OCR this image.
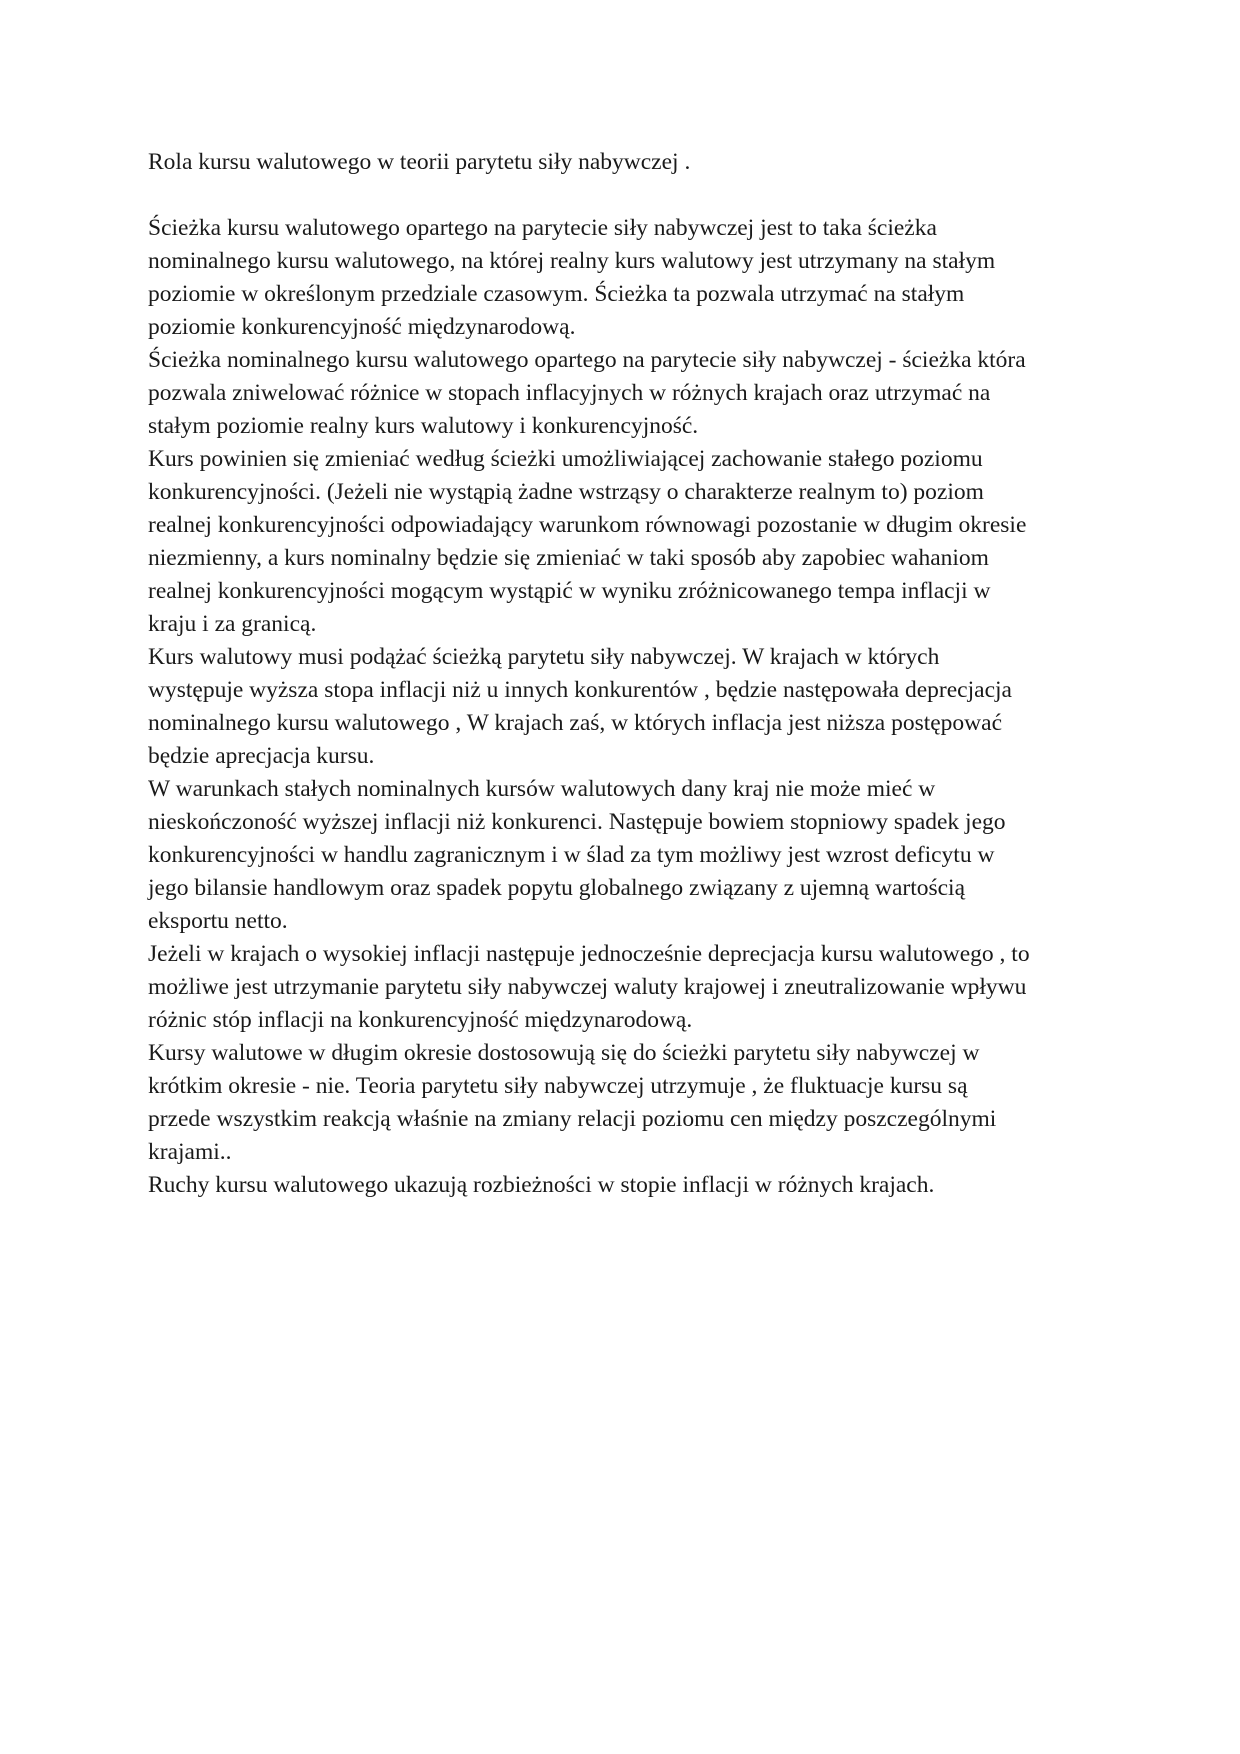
Rola kursu walutowego w teorii parytetu siły nabywczej .

Ścieżka kursu walutowego opartego na parytecie siły nabywczej jest to taka ścieżka
nominalnego kursu walutowego, na której realny kurs walutowy jest utrzymany na stałym
poziomie w określonym przedziale czasowym. Ścieżka ta pozwala utrzymać na stałym
poziomie konkurencyjność międzynarodową.

Ścieżka nominalnego kursu walutowego opartego na parytecie siły nabywczej - ścieżka która
pozwala zniwelować różnice w stopach inflacyjnych w różnych krajach oraz utrzymać na
stałym poziomie realny kurs walutowy i konkurencyjność.

Kurs powinien się zmieniać według ścieżki umożliwiającej zachowanie stałego poziomu
konkurencyjności. (Jeżeli nie wystąpią żadne wstrząsy o charakterze realnym to) poziom
realnej konkurencyjności odpowiadający warunkom równowagi pozostanie w długim okresie
niezmienny, a kurs nominalny będzie się zmieniać w taki sposób aby zapobiec wahaniom
realnej konkurencyjności mogącym wystąpić w wyniku zróżnicowanego tempa inflacji w
kraju i za granicą.

Kurs walutowy musi podążać ścieżką parytetu siły nabywczej. W krajach w których
występuje wyższa stopa inflacji niż u innych konkurentów , będzie następowała deprecjacja
nominalnego kursu walutowego , W krajach zaś, w których inflacja jest niższa postępować
będzie aprecjacja kursu.

W warunkach stałych nominalnych kursów walutowych dany kraj nie może mieć w
nieskończoność wyższej inflacji niż konkurenci. Następuje bowiem stopniowy spadek jego
konkurencyjności w handlu zagranicznym i w ślad za tym możliwy jest wzrost deficytu w
jego bilansie handlowym oraz spadek popytu globalnego związany z ujemną wartością
eksportu netto.

Jeżeli w krajach o wysokiej inflacji następuje jednocześnie deprecjacja kursu walutowego , to
możliwe jest utrzymanie parytetu siły nabywczej waluty krajowej i zneutralizowanie wpływu
różnic stóp inflacji na konkurencyjność międzynarodową.

Kursy walutowe w długim okresie dostosowują się do ścieżki parytetu siły nabywczej w
krótkim okresie - nie. Teoria parytetu siły nabywczej utrzymuje , że fluktuacje kursu są
przede wszystkim reakcją właśnie na zmiany relacji poziomu cen między poszczególnymi
krajami..

Ruchy kursu walutowego ukazują rozbieżności w stopie inflacji w różnych krajach.
